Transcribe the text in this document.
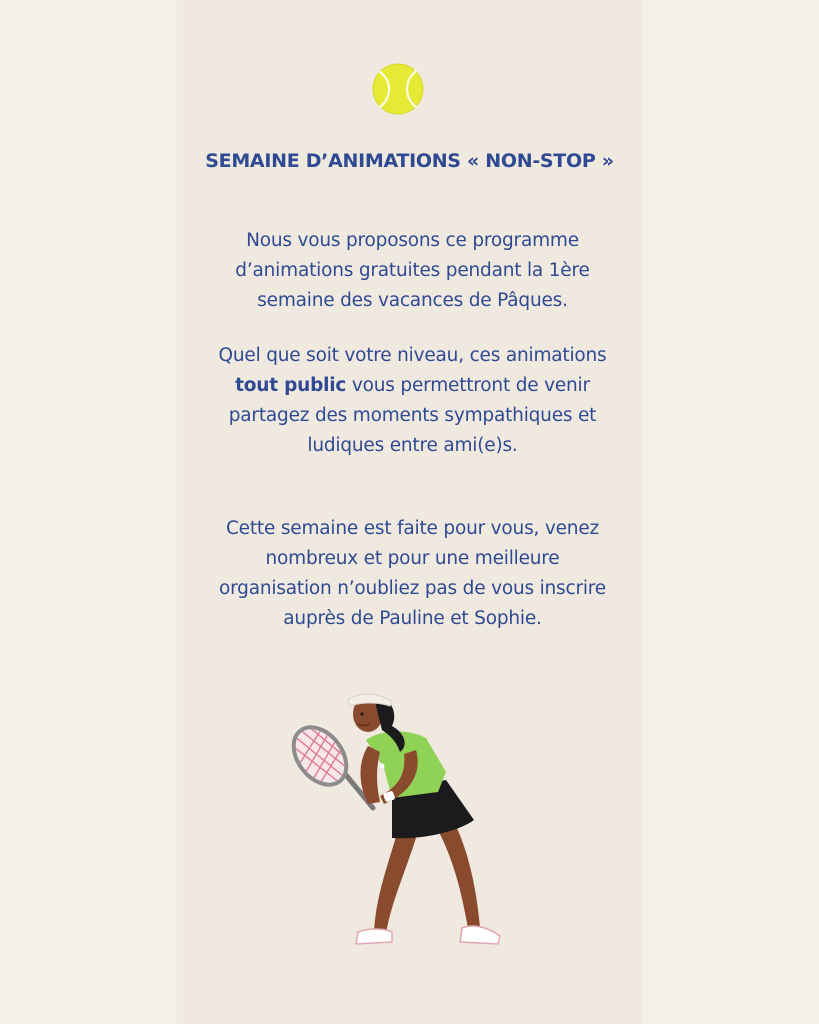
SEMAINE D’ANIMATIONS « NON-STOP »

Nous vous proposons ce programme d’animations gratuites pendant la 1ère semaine des vacances de Pâques.

Quel que soit votre niveau, ces animations tout public vous permettront de venir partagez des moments sympathiques et ludiques entre ami(e)s.

Cette semaine est faite pour vous, venez nombreux et pour une meilleure organisation n’oubliez pas de vous inscrire auprès de Pauline et Sophie.
